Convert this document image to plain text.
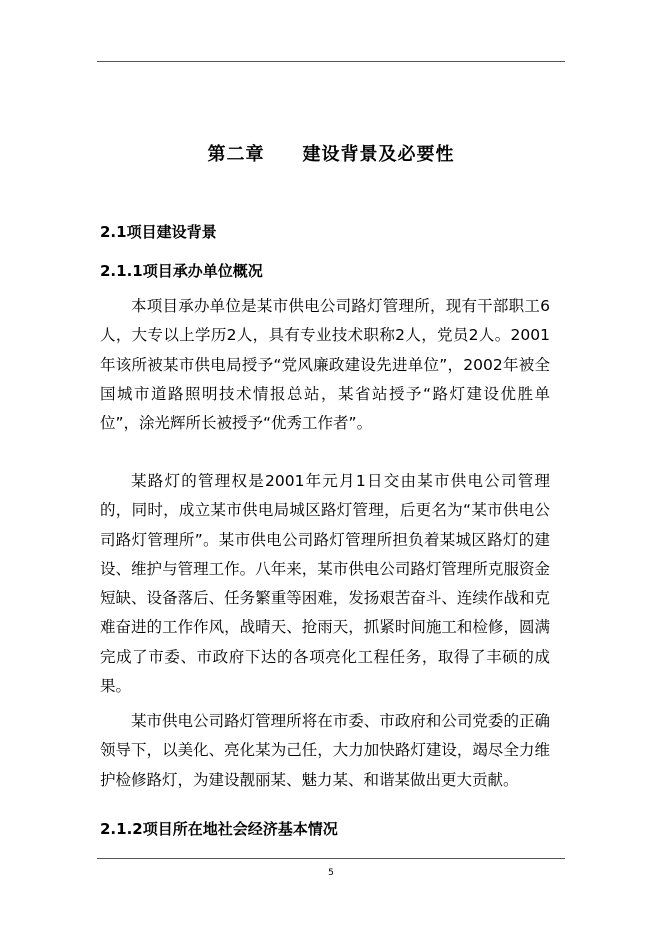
第二章　　建设背景及必要性
2.1项目建设背景
2.1.1项目承办单位概况
本项目承办单位是某市供电公司路灯管理所，现有干部职工6人，大专以上学历2人，具有专业技术职称2人，党员2人。2001年该所被某市供电局授予“党风廉政建设先进单位”，2002年被全国城市道路照明技术情报总站，某省站授予“路灯建设优胜单位”，涂光辉所长被授予“优秀工作者”。
某路灯的管理权是2001年元月1日交由某市供电公司管理的，同时，成立某市供电局城区路灯管理，后更名为“某市供电公司路灯管理所”。某市供电公司路灯管理所担负着某城区路灯的建设、维护与管理工作。八年来，某市供电公司路灯管理所克服资金短缺、设备落后、任务繁重等困难，发扬艰苦奋斗、连续作战和克难奋进的工作作风，战晴天、抢雨天，抓紧时间施工和检修，圆满完成了市委、市政府下达的各项亮化工程任务，取得了丰硕的成果。
某市供电公司路灯管理所将在市委、市政府和公司党委的正确领导下，以美化、亮化某为己任，大力加快路灯建设，竭尽全力维护检修路灯，为建设靓丽某、魅力某、和谐某做出更大贡献。
2.1.2项目所在地社会经济基本情况
5
